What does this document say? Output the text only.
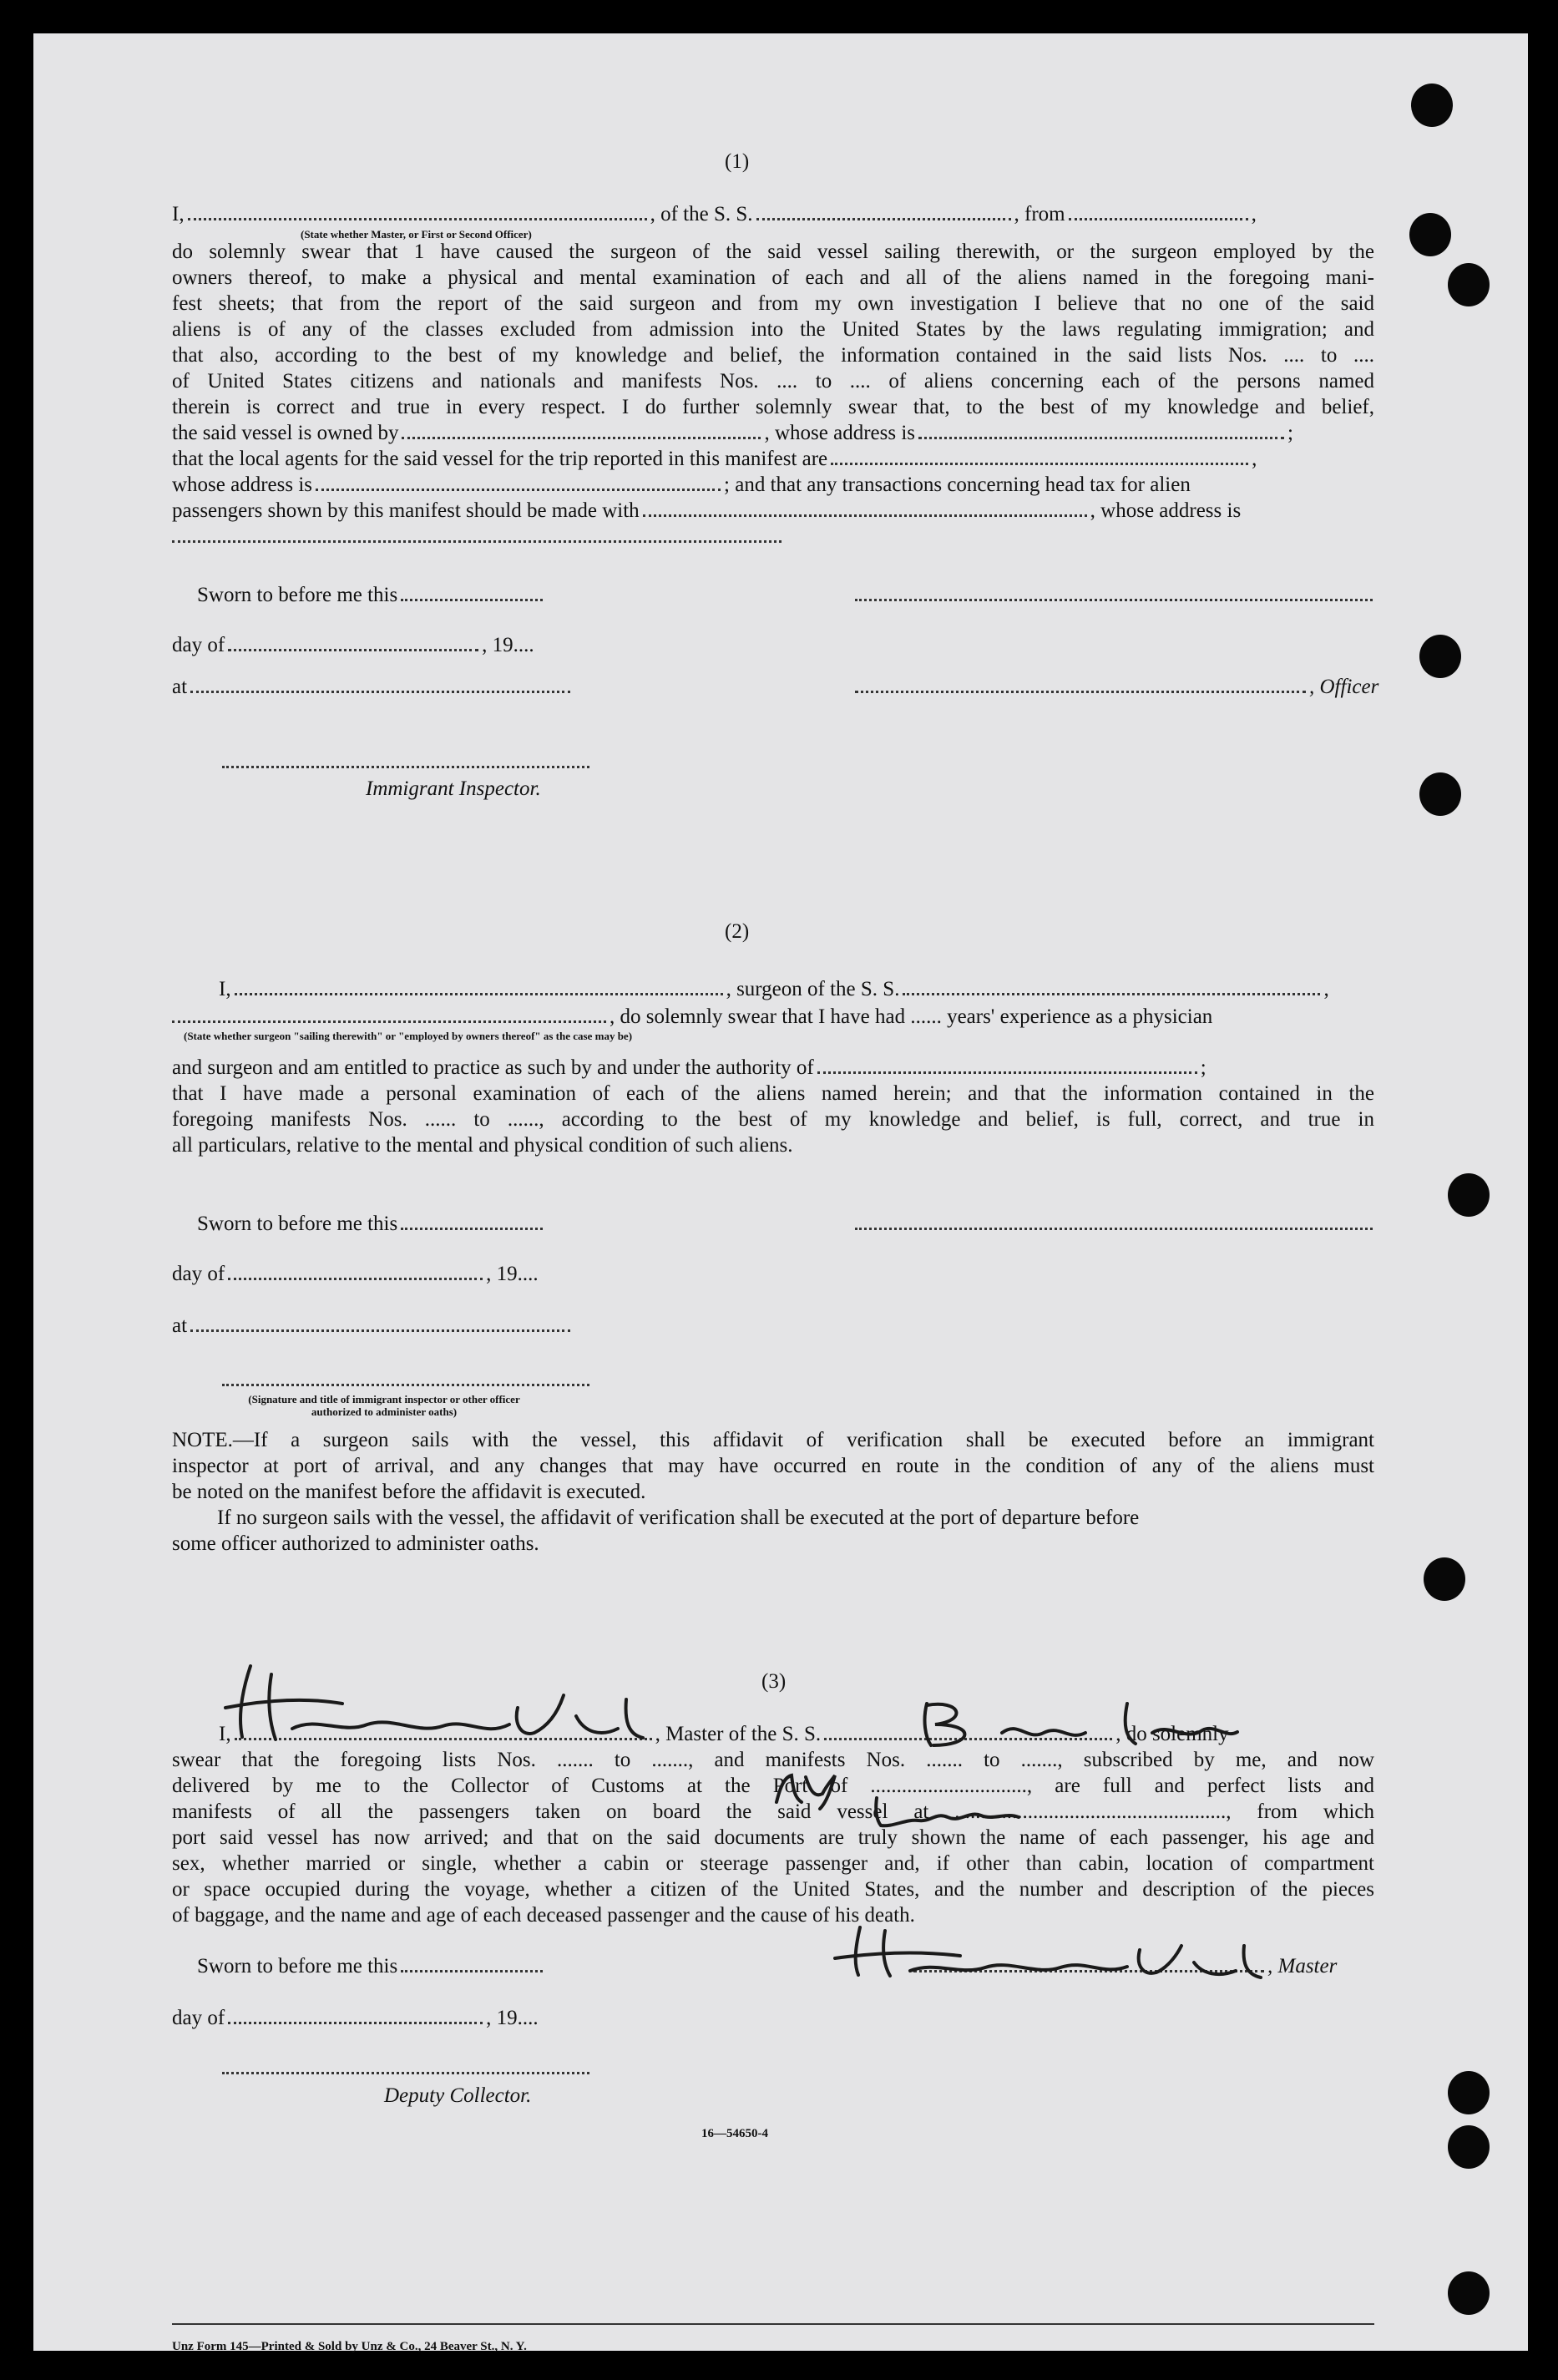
(1)
I,	, of the S. S.	, from	,
(State whether Master, or First or Second Officer)
do solemnly swear that 1 have caused the surgeon of the said vessel sailing therewith, or the surgeon employed by the
owners thereof, to make a physical and mental examination of each and all of the aliens named in the foregoing mani-
fest sheets; that from the report of the said surgeon and from my own investigation I believe that no one of the said
aliens is of any of the classes excluded from admission into the United States by the laws regulating immigration; and
that also, according to the best of my knowledge and belief, the information contained in the said lists Nos. .... to ....
of United States citizens and nationals and manifests Nos. .... to .... of aliens concerning each of the persons named
therein is correct and true in every respect. I do further solemnly swear that, to the best of my knowledge and belief,
the said vessel is owned by	, whose address is	;
that the local agents for the said vessel for the trip reported in this manifest are	,
whose address is	; and that any transactions concerning head tax for alien
passengers shown by this manifest should be made with	, whose address is
Sworn to before me this
day of	, 19....
, Officer
at
Immigrant Inspector.
(2)
I,	, surgeon of the S. S.	,
, do solemnly swear that I have had ...... years' experience as a physician
(State whether surgeon "sailing therewith" or "employed by owners thereof" as the case may be)
and surgeon and am entitled to practice as such by and under the authority of	;
that I have made a personal examination of each of the aliens named herein; and that the information contained in the
foregoing manifests Nos. ...... to ......, according to the best of my knowledge and belief, is full, correct, and true in
all particulars, relative to the mental and physical condition of such aliens.
Sworn to before me this
day of	, 19....
at
(Signature and title of immigrant inspector or other officer authorized to administer oaths)
NOTE.—If a surgeon sails with the vessel, this affidavit of verification shall be executed before an immigrant
inspector at port of arrival, and any changes that may have occurred en route in the condition of any of the aliens must
be noted on the manifest before the affidavit is executed.
If no surgeon sails with the vessel, the affidavit of verification shall be executed at the port of departure before
some officer authorized to administer oaths.
(3)
I,	, Master of the S. S.	, do solemnly
swear that the foregoing lists Nos. ....... to ......., and manifests Nos. ....... to ......., subscribed by me, and now
delivered by me to the Collector of Customs at the Port of .............................., are full and perfect lists and
manifests of all the passengers taken on board the said vessel at ...................................................., from which
port said vessel has now arrived; and that on the said documents are truly shown the name of each passenger, his age and
sex, whether married or single, whether a cabin or steerage passenger and, if other than cabin, location of compartment
or space occupied during the voyage, whether a citizen of the United States, and the number and description of the pieces
of baggage, and the name and age of each deceased passenger and the cause of his death.
Sworn to before me this	, Master
day of	, 19....
Deputy Collector.
16—54650-4
Unz Form 145—Printed & Sold by Unz & Co., 24 Beaver St., N. Y.
